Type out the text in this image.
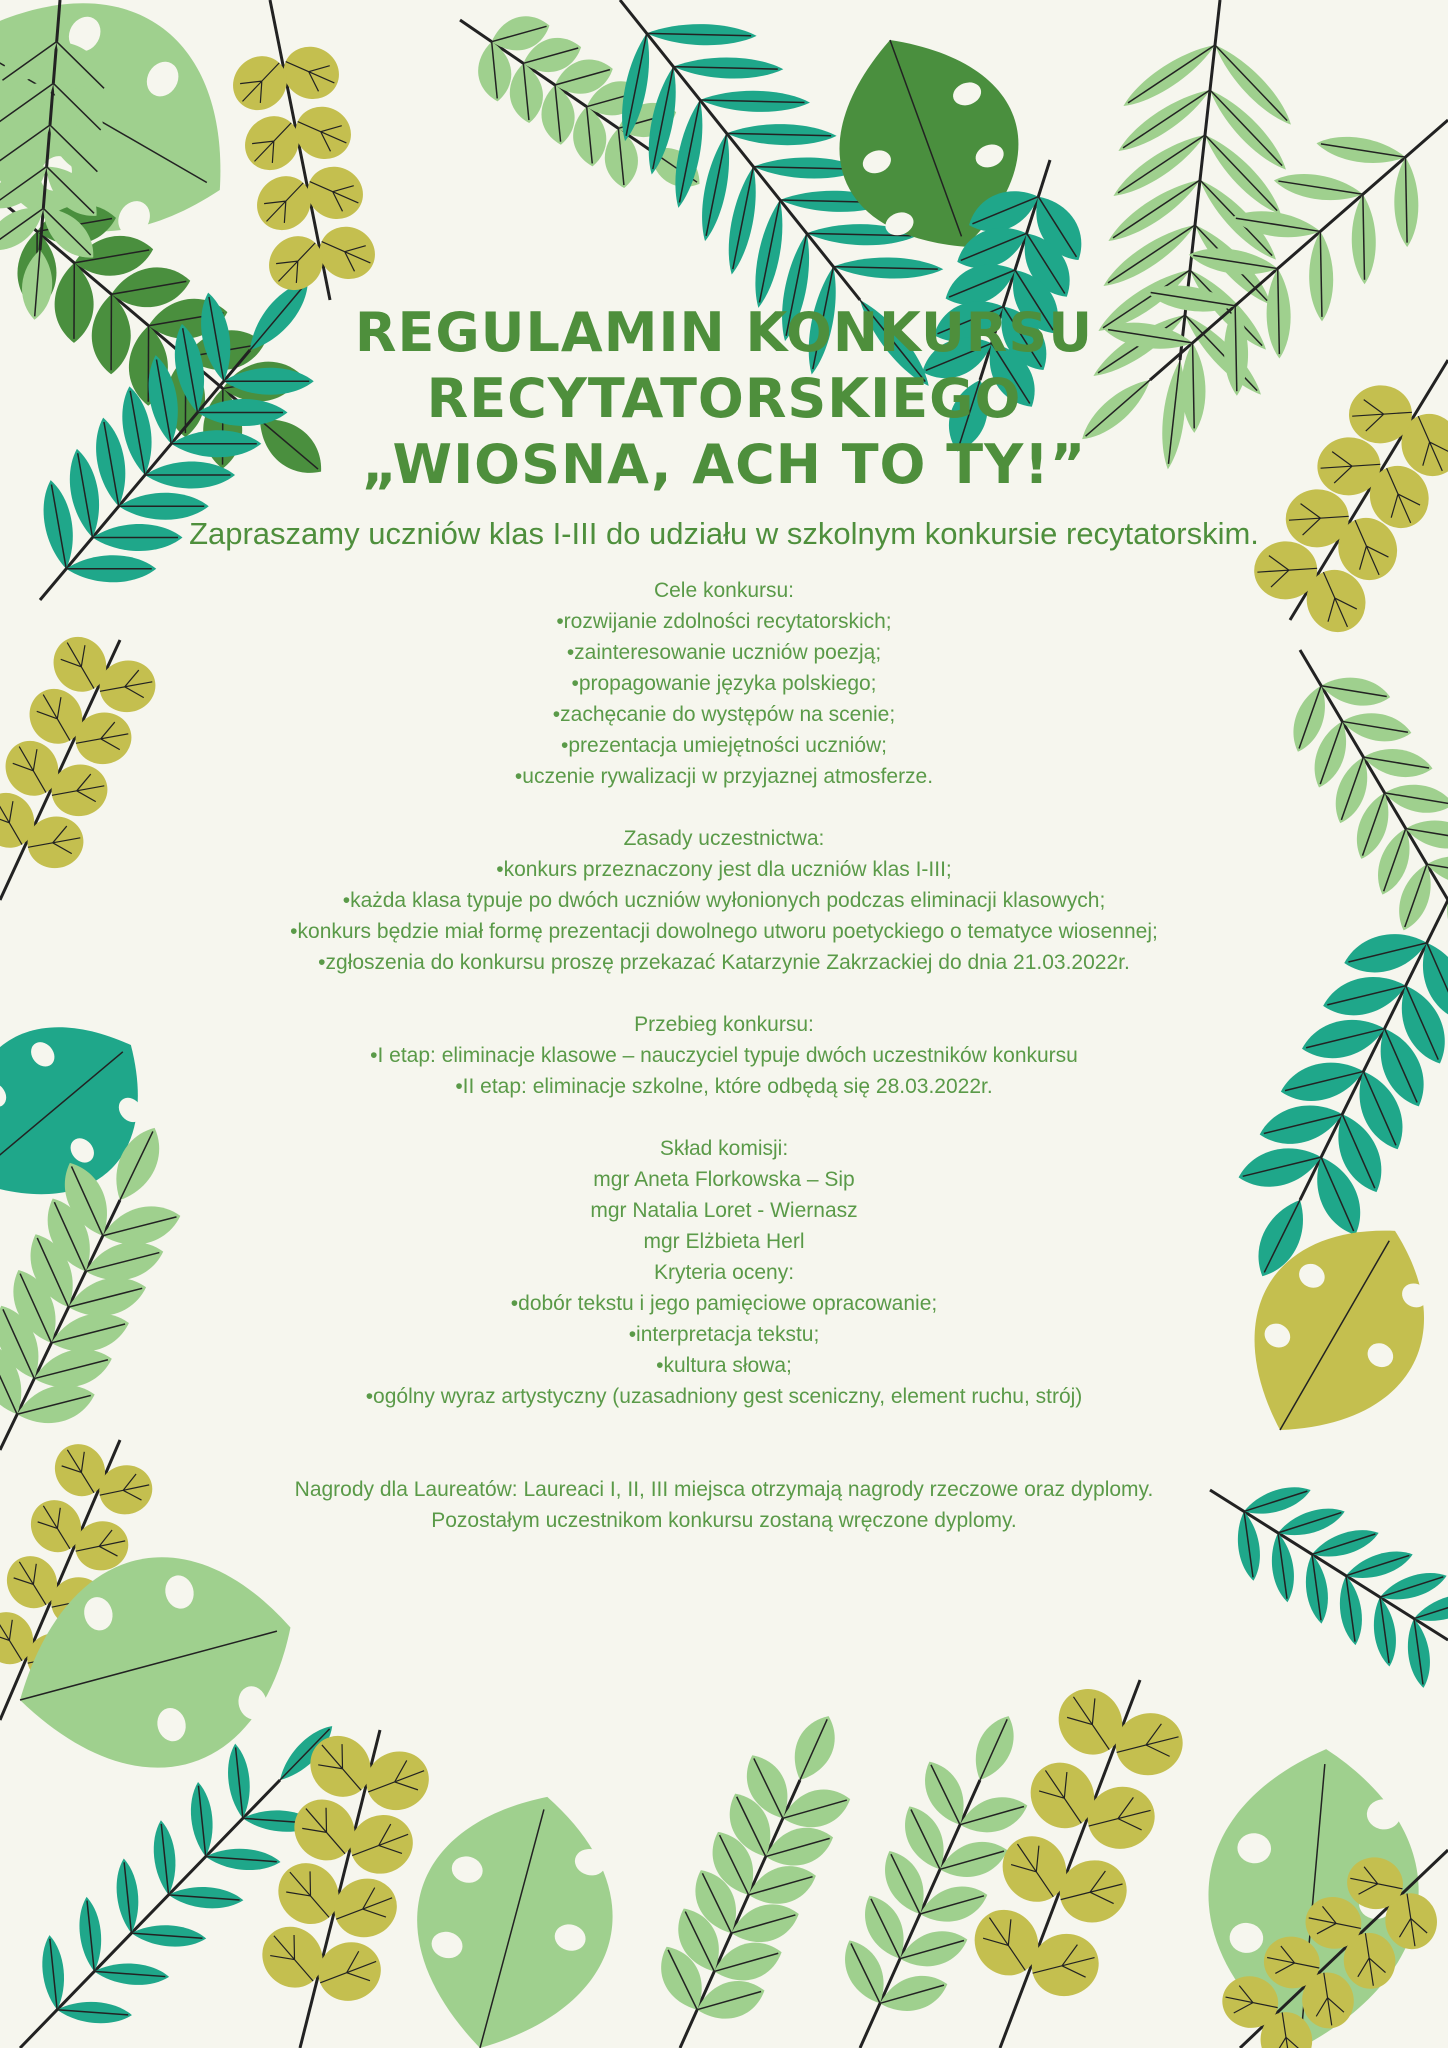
REGULAMIN KONKURSU
RECYTATORSKIEGO
„WIOSNA, ACH TO TY!”
Zapraszamy uczniów klas I-III do udziału w szkolnym konkursie recytatorskim.
Cele konkursu:
•rozwijanie zdolności recytatorskich;
•zainteresowanie uczniów poezją;
•propagowanie języka polskiego;
•zachęcanie do występów na scenie;
•prezentacja umiejętności uczniów;
•uczenie rywalizacji w przyjaznej atmosferze.
Zasady uczestnictwa:
•konkurs przeznaczony jest dla uczniów klas I-III;
•każda klasa typuje po dwóch uczniów wyłonionych podczas eliminacji klasowych;
•konkurs będzie miał formę prezentacji dowolnego utworu poetyckiego o tematyce wiosennej;
•zgłoszenia do konkursu proszę przekazać Katarzynie Zakrzackiej do dnia 21.03.2022r.
Przebieg konkursu:
•I etap: eliminacje klasowe – nauczyciel typuje dwóch uczestników konkursu
•II etap: eliminacje szkolne, które odbędą się 28.03.2022r.
Skład komisji:
mgr Aneta Florkowska – Sip
mgr Natalia Loret - Wiernasz
mgr Elżbieta Herl
Kryteria oceny:
•dobór tekstu i jego pamięciowe opracowanie;
•interpretacja tekstu;
•kultura słowa;
•ogólny wyraz artystyczny (uzasadniony gest sceniczny, element ruchu, strój)
Nagrody dla Laureatów: Laureaci I, II, III miejsca otrzymają nagrody rzeczowe oraz dyplomy.
Pozostałym uczestnikom konkursu zostaną wręczone dyplomy.
